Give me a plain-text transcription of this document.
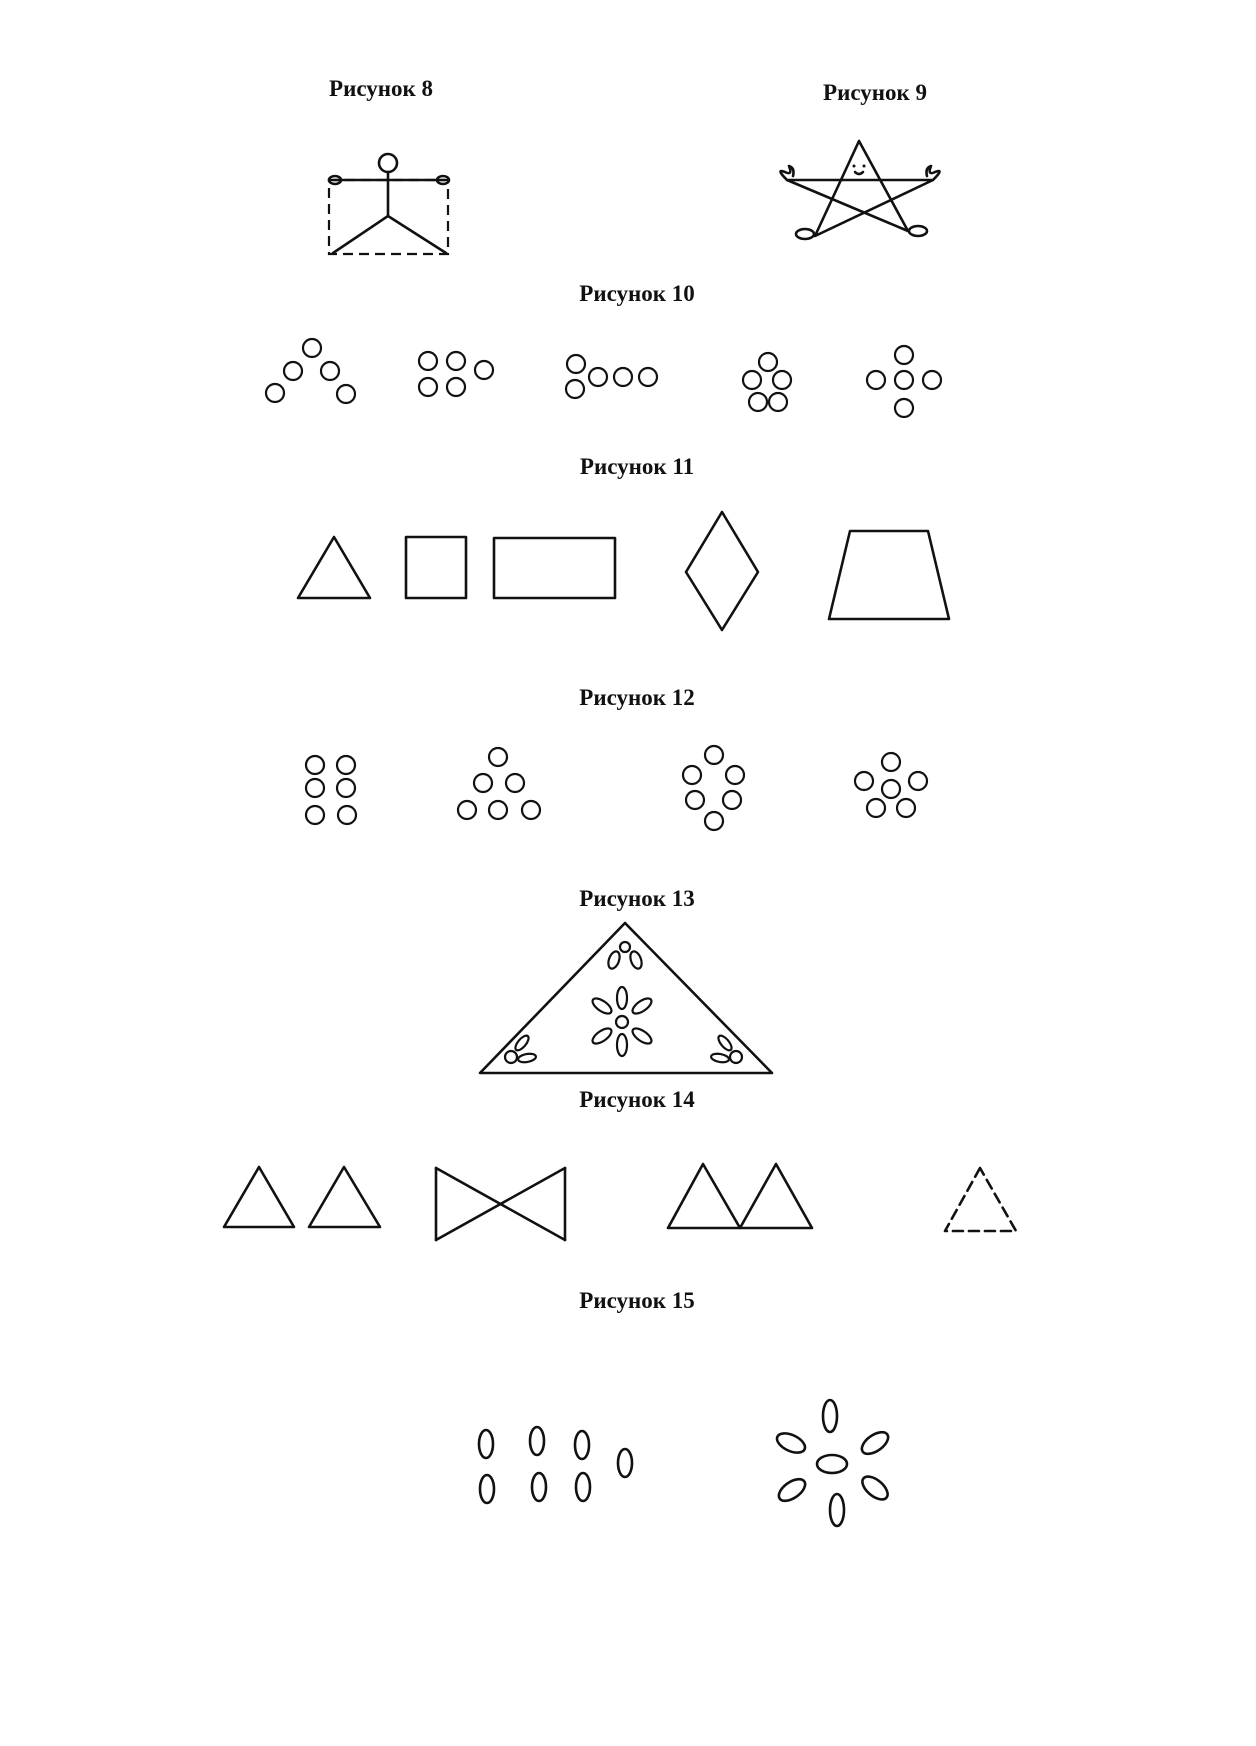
Рисунок 8	Рисунок 9
Рисунок 10
Рисунок 11
Рисунок 12
Рисунок 13
Рисунок 14
Рисунок 15
